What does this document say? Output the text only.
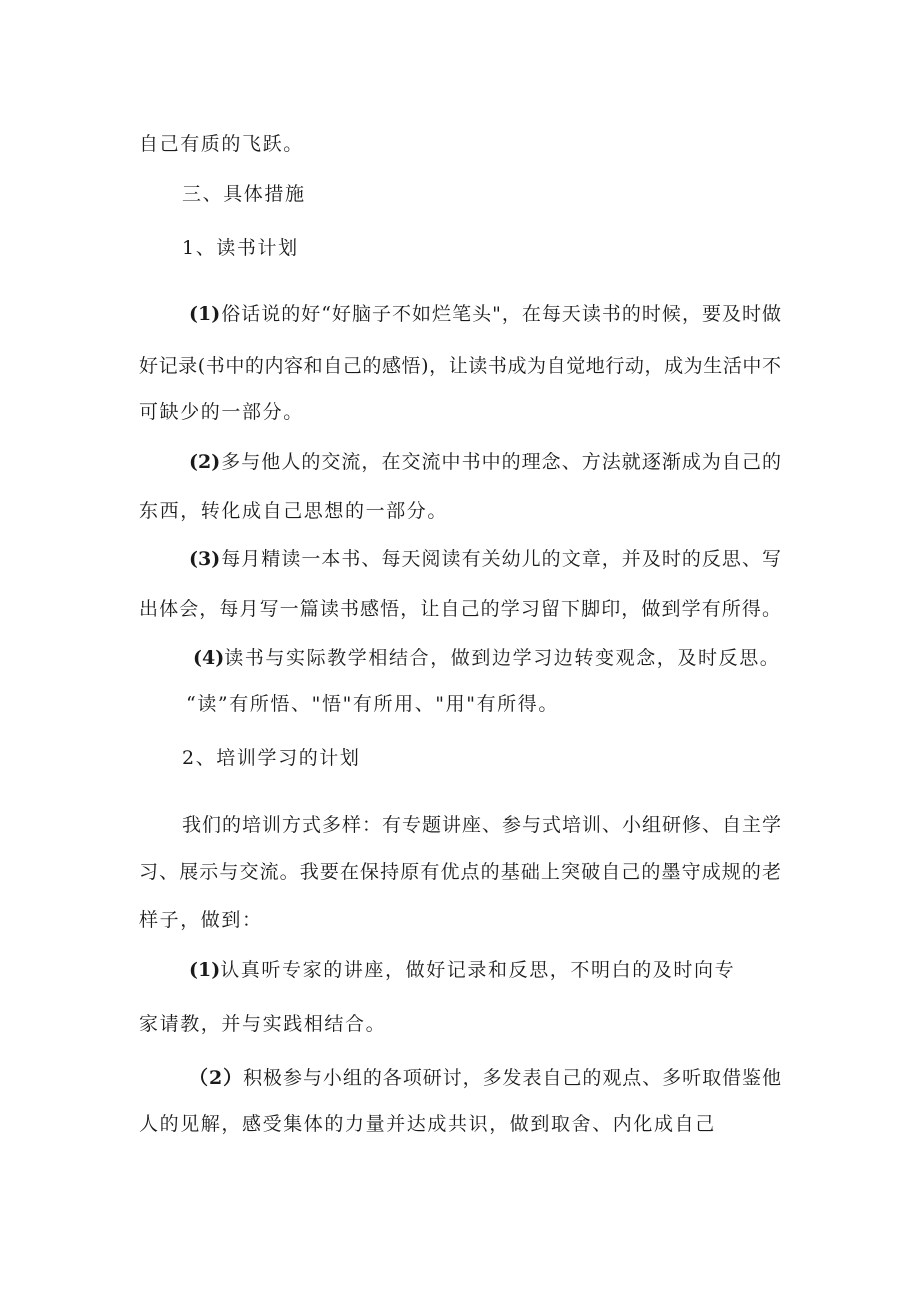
自己有质的飞跃。
三、具体措施
1、读书计划
(1)俗话说的好“好脑子不如烂笔头"，在每天读书的时候，要及时做
好记录(书中的内容和自己的感悟)，让读书成为自觉地行动，成为生活中不
可缺少的一部分。
(2)多与他人的交流，在交流中书中的理念、方法就逐渐成为自己的
东西，转化成自己思想的一部分。
(3)每月精读一本书、每天阅读有关幼儿的文章，并及时的反思、写
出体会，每月写一篇读书感悟，让自己的学习留下脚印，做到学有所得。
(4)读书与实际教学相结合，做到边学习边转变观念，及时反思。
“读”有所悟、"悟"有所用、"用"有所得。
2、培训学习的计划
我们的培训方式多样：有专题讲座、参与式培训、小组研修、自主学
习、展示与交流。我要在保持原有优点的基础上突破自己的墨守成规的老
样子，做到：
(1)认真听专家的讲座，做好记录和反思，不明白的及时向专
家请教，并与实践相结合。
（2）积极参与小组的各项研讨，多发表自己的观点、多听取借鉴他
人的见解，感受集体的力量并达成共识，做到取舍、内化成自己
